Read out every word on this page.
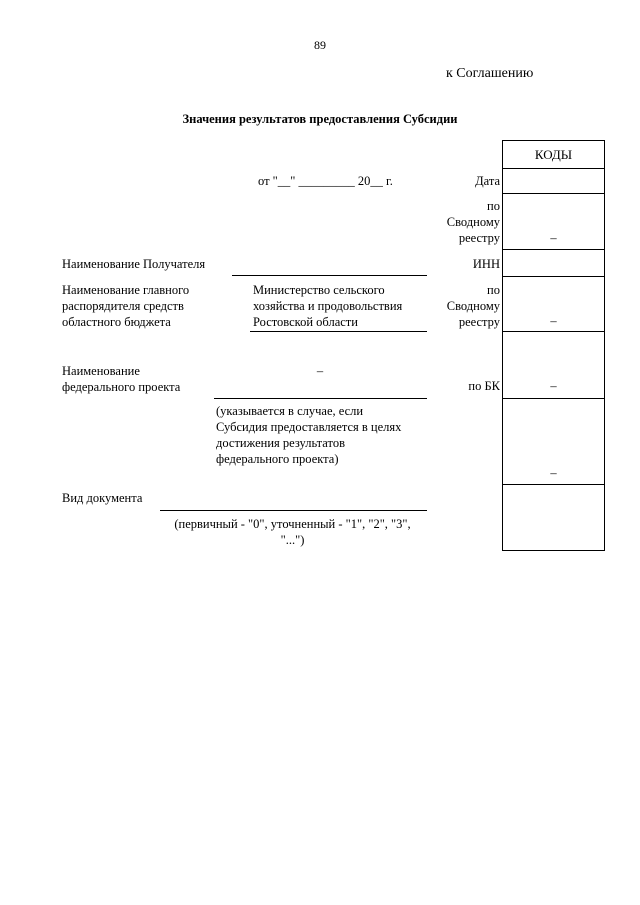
89
к Соглашению
Значения результатов предоставления Субсидии
от "__" _________ 20__ г.	Дата
по Сводному реестру
ИНН
по Сводному реестру
по БК
Наименование Получателя
Наименование главного распорядителя средств областного бюджета
Министерство сельского хозяйства и продовольствия Ростовской области
Наименование федерального проекта
–
(указывается в случае, если Субсидия предоставляется в целях достижения результатов федерального проекта)
Вид документа
(первичный - "0", уточненный - "1", "2", "3", "...")
КОДЫ
–
–
–
–
